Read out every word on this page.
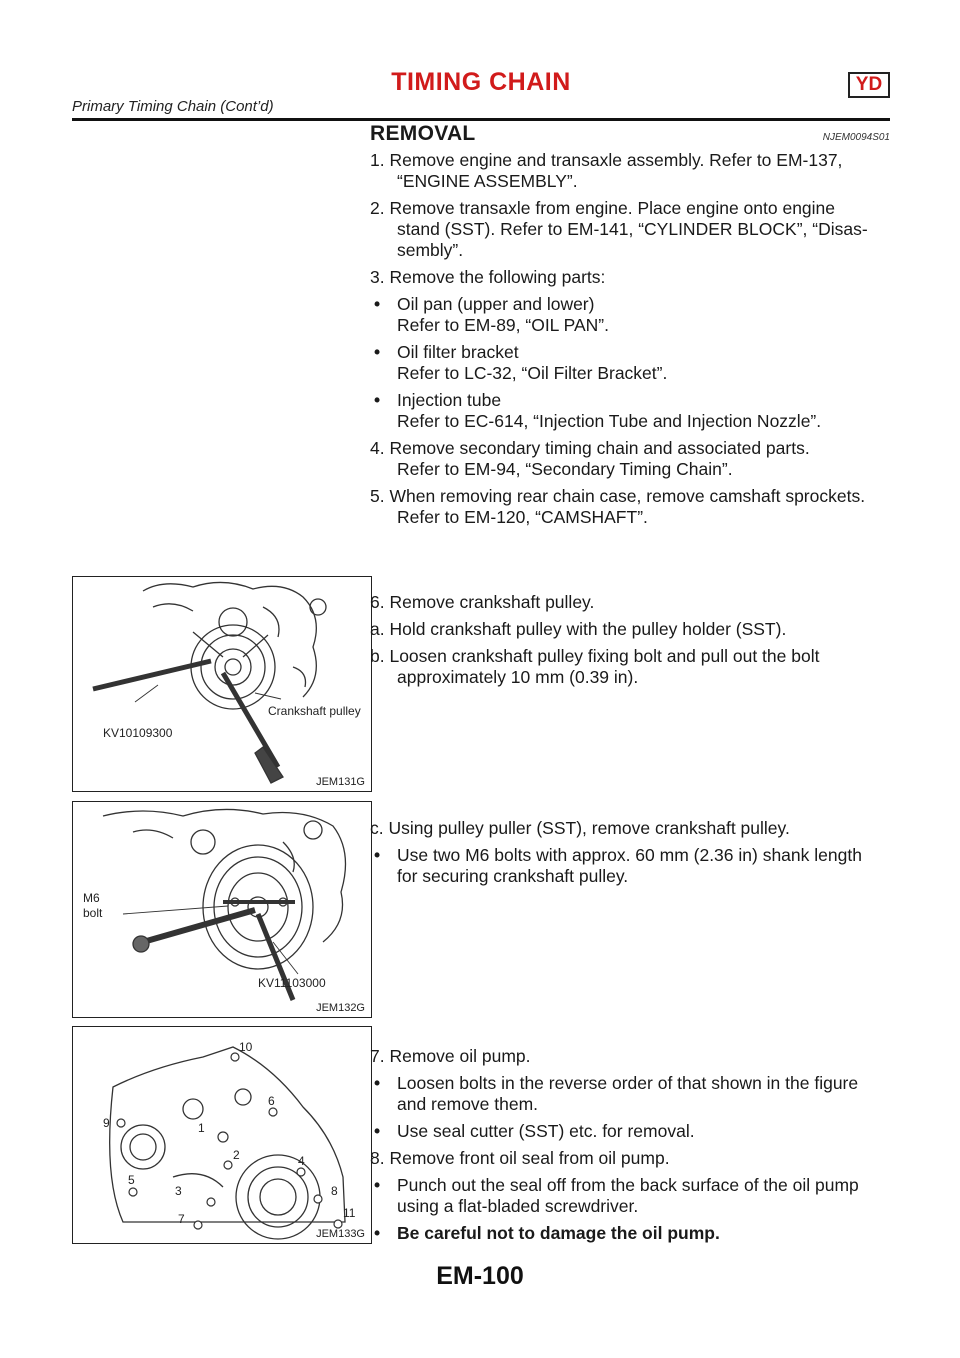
TIMING CHAIN	YD
Primary Timing Chain (Cont’d)
REMOVAL	NJEM0094S01
1. Remove engine and transaxle assembly. Refer to EM-137,
“ENGINE ASSEMBLY”.
2. Remove transaxle from engine. Place engine onto engine
stand (SST). Refer to EM-141, “CYLINDER BLOCK”, “Disas-
sembly”.
3. Remove the following parts:
• Oil pan (upper and lower)
Refer to EM-89, “OIL PAN”.
• Oil filter bracket
Refer to LC-32, “Oil Filter Bracket”.
• Injection tube
Refer to EC-614, “Injection Tube and Injection Nozzle”.
4. Remove secondary timing chain and associated parts.
Refer to EM-94, “Secondary Timing Chain”.
5. When removing rear chain case, remove camshaft sprockets.
Refer to EM-120, “CAMSHAFT”.
KV10109300
Crankshaft pulley
JEM131G
6. Remove crankshaft pulley.
a. Hold crankshaft pulley with the pulley holder (SST).
b. Loosen crankshaft pulley fixing bolt and pull out the bolt
approximately 10 mm (0.39 in).
M6
bolt
KV11103000
JEM132G
c. Using pulley puller (SST), remove crankshaft pulley.
• Use two M6 bolts with approx. 60 mm (2.36 in) shank length
for securing crankshaft pulley.
1
2
3
4
5
6
7
8
9
10
11
JEM133G
7. Remove oil pump.
• Loosen bolts in the reverse order of that shown in the figure
and remove them.
• Use seal cutter (SST) etc. for removal.
8. Remove front oil seal from oil pump.
• Punch out the seal off from the back surface of the oil pump
using a flat-bladed screwdriver.
• Be careful not to damage the oil pump.
EM-100
